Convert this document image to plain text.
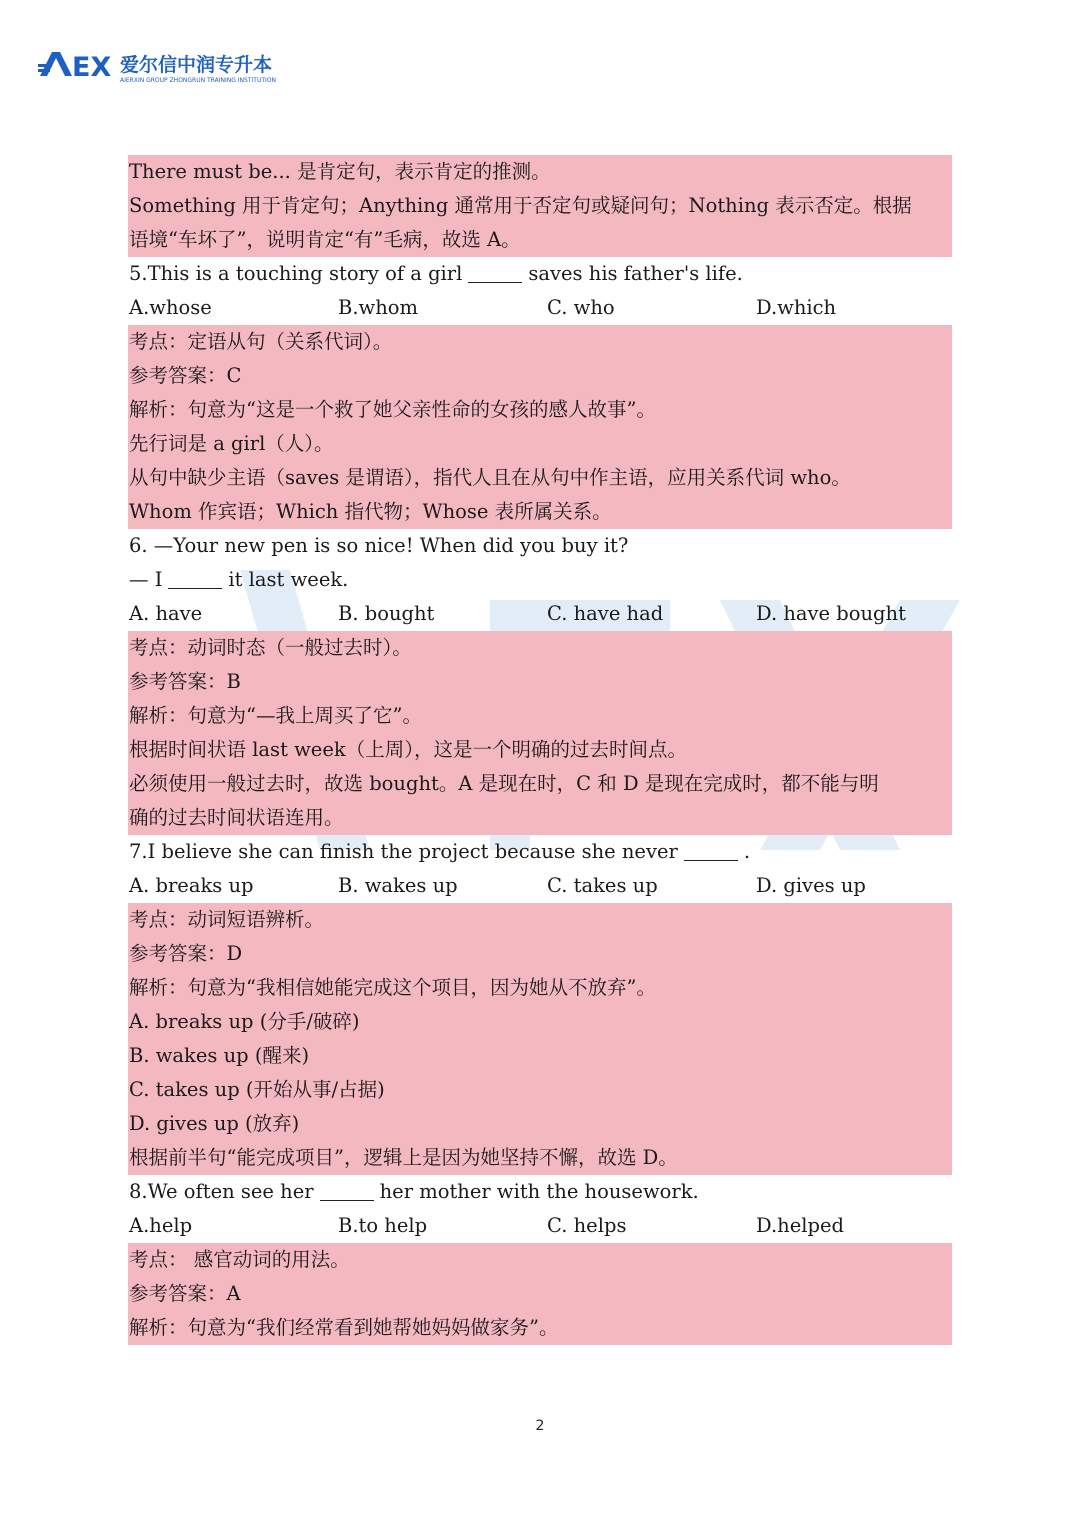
EX 爱尔信中润专升本
AIERXIN GROUP ZHONGRUN TRAINING INSTITUTION
There must be... 是肯定句，表示肯定的推测。
Something 用于肯定句；Anything 通常用于否定句或疑问句；Nothing 表示否定。根据
语境“车坏了”，说明肯定“有”毛病，故选 A。
5.This is a touching story of a girl	saves his father's life.
A.whose	B.whom	C. who	D.which
考点：定语从句（关系代词）。
参考答案：C
解析：句意为“这是一个救了她父亲性命的女孩的感人故事”。
先行词是 a girl（人）。
从句中缺少主语（saves 是谓语），指代人且在从句中作主语，应用关系代词 who。
Whom 作宾语；Which 指代物；Whose 表所属关系。
6. —Your new pen is so nice! When did you buy it?
— I	it last week.
A. have	B. bought	C. have had	D. have bought
考点：动词时态（一般过去时）。
参考答案：B
解析：句意为“—我上周买了它”。
根据时间状语 last week（上周），这是一个明确的过去时间点。
必须使用一般过去时，故选 bought。A 是现在时，C 和 D 是现在完成时，都不能与明
确的过去时间状语连用。
7.I believe she can finish the project because she never	.
A. breaks up	B. wakes up	C. takes up	D. gives up
考点：动词短语辨析。
参考答案：D
解析：句意为“我相信她能完成这个项目，因为她从不放弃”。
A. breaks up (分手/破碎)
B. wakes up (醒来)
C. takes up (开始从事/占据)
D. gives up (放弃)
根据前半句“能完成项目”，逻辑上是因为她坚持不懈，故选 D。
8.We often see her	her mother with the housework.
A.help	B.to help	C. helps	D.helped
考点： 感官动词的用法。
参考答案：A
解析：句意为“我们经常看到她帮她妈妈做家务”。
2
